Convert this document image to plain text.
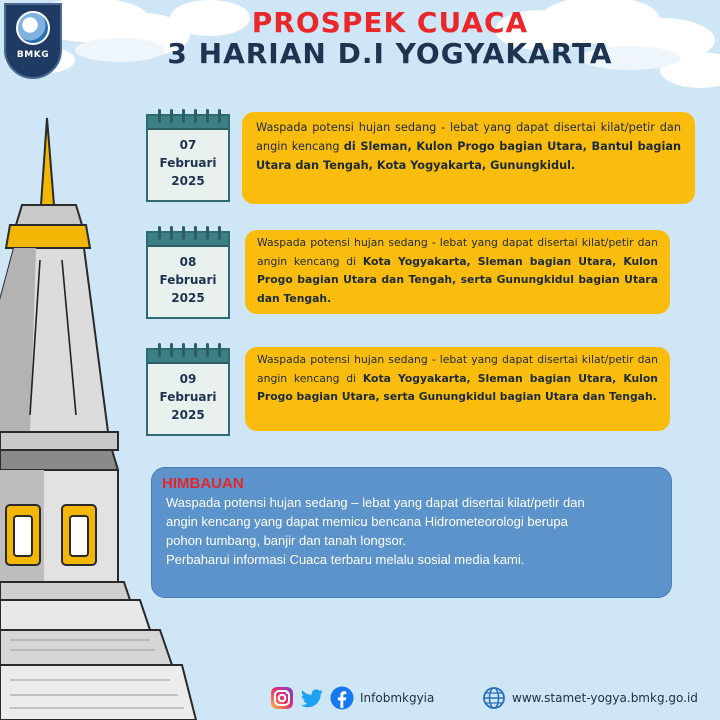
BMKG
PROSPEK CUACA
3 HARIAN D.I YOGYAKARTA
07
Februari
2025
Waspada potensi hujan sedang - lebat yang dapat disertai kilat/petir dan angin kencang di Sleman, Kulon Progo bagian Utara, Bantul bagian Utara dan Tengah, Kota Yogyakarta, Gunungkidul.
08
Februari
2025
Waspada potensi hujan sedang - lebat yang dapat disertai kilat/petir dan angin kencang di Kota Yogyakarta, Sleman bagian Utara, Kulon Progo bagian Utara dan Tengah, serta Gunungkidul bagian Utara dan Tengah.
09
Februari
2025
Waspada potensi hujan sedang - lebat yang dapat disertai kilat/petir dan angin kencang di Kota Yogyakarta, Sleman bagian Utara, Kulon Progo bagian Utara, serta Gunungkidul bagian Utara dan Tengah.
HIMBAUAN
Waspada potensi hujan sedang – lebat yang dapat disertai kilat/petir dan
angin kencang yang dapat memicu bencana Hidrometeorologi berupa
pohon tumbang, banjir dan tanah longsor.
Perbaharui informasi Cuaca terbaru melalu sosial media kami.
Infobmkgyia	www.stamet-yogya.bmkg.go.id
